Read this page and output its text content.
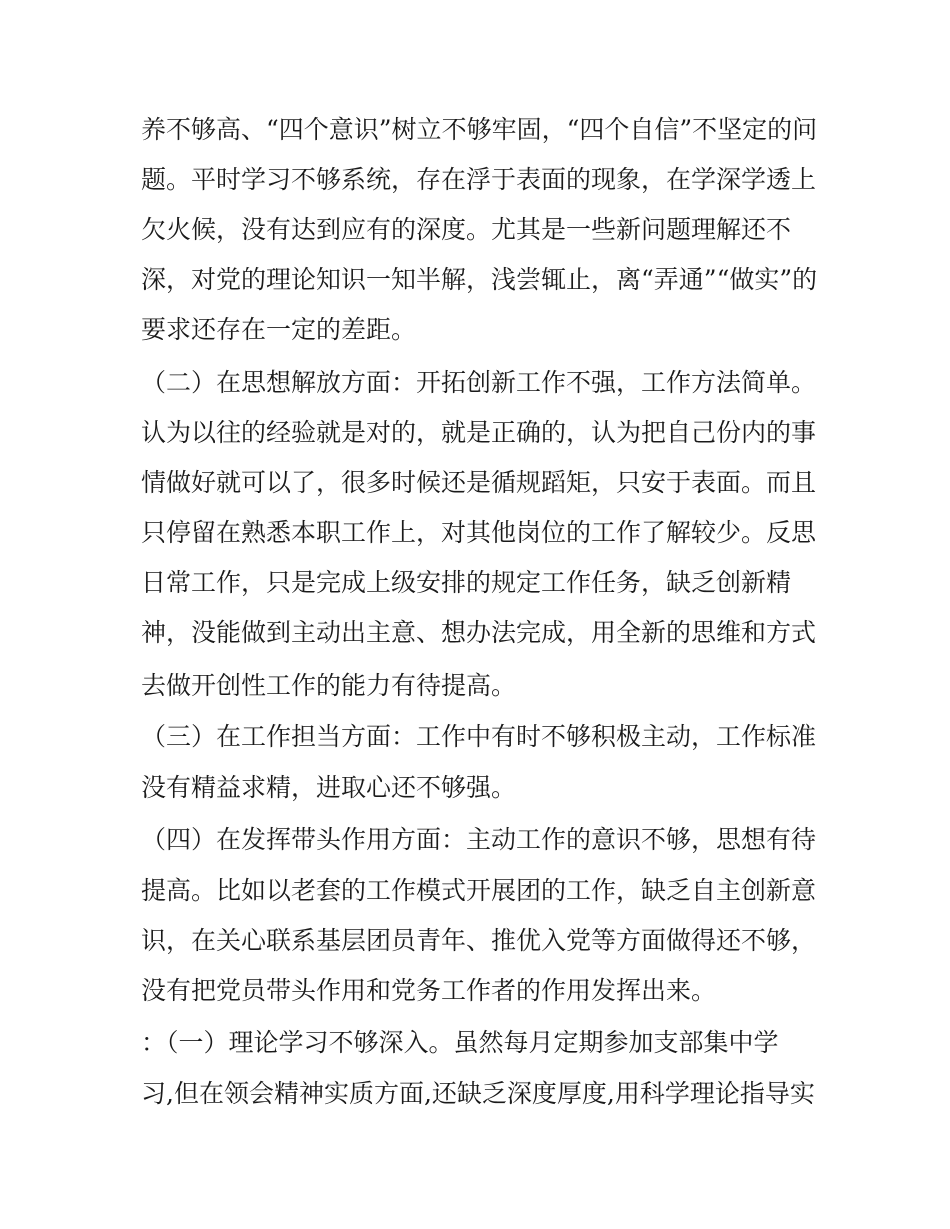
养不够高、“四个意识”树立不够牢固，“四个自信”不坚定的问
题。平时学习不够系统，存在浮于表面的现象，在学深学透上
欠火候，没有达到应有的深度。尤其是一些新问题理解还不
深，对党的理论知识一知半解，浅尝辄止，离“弄通”“做实”的
要求还存在一定的差距。
（二）在思想解放方面：开拓创新工作不强，工作方法简单。
认为以往的经验就是对的，就是正确的，认为把自己份内的事
情做好就可以了，很多时候还是循规蹈矩，只安于表面。而且
只停留在熟悉本职工作上，对其他岗位的工作了解较少。反思
日常工作，只是完成上级安排的规定工作任务，缺乏创新精
神，没能做到主动出主意、想办法完成，用全新的思维和方式
去做开创性工作的能力有待提高。
（三）在工作担当方面：工作中有时不够积极主动，工作标准
没有精益求精，进取心还不够强。
（四）在发挥带头作用方面：主动工作的意识不够，思想有待
提高。比如以老套的工作模式开展团的工作，缺乏自主创新意
识，在关心联系基层团员青年、推优入党等方面做得还不够，
没有把党员带头作用和党务工作者的作用发挥出来。
：（一）理论学习不够深入。虽然每月定期参加支部集中学
习,但在领会精神实质方面,还缺乏深度厚度,用科学理论指导实
